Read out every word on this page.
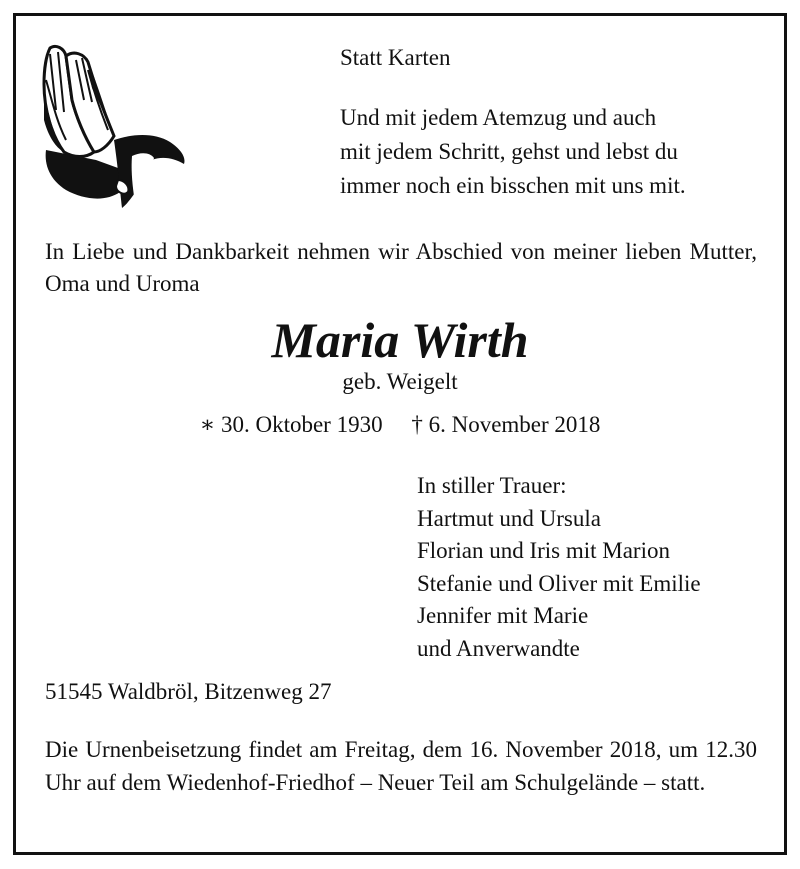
Statt Karten
Und mit jedem Atemzug und auch
mit jedem Schritt, gehst und lebst du
immer noch ein bisschen mit uns mit.
In Liebe und Dankbarkeit nehmen wir Abschied von meiner lieben Mutter, Oma und Uroma
Maria Wirth
geb. Weigelt
∗ 30. Oktober 1930 † 6. November 2018
In stiller Trauer:
Hartmut und Ursula
Florian und Iris mit Marion
Stefanie und Oliver mit Emilie
Jennifer mit Marie
und Anverwandte
51545 Waldbröl, Bitzenweg 27
Die Urnenbeisetzung findet am Freitag, dem 16. November 2018, um 12.30 Uhr auf dem Wiedenhof-Friedhof – Neuer Teil am Schulgelände – statt.
